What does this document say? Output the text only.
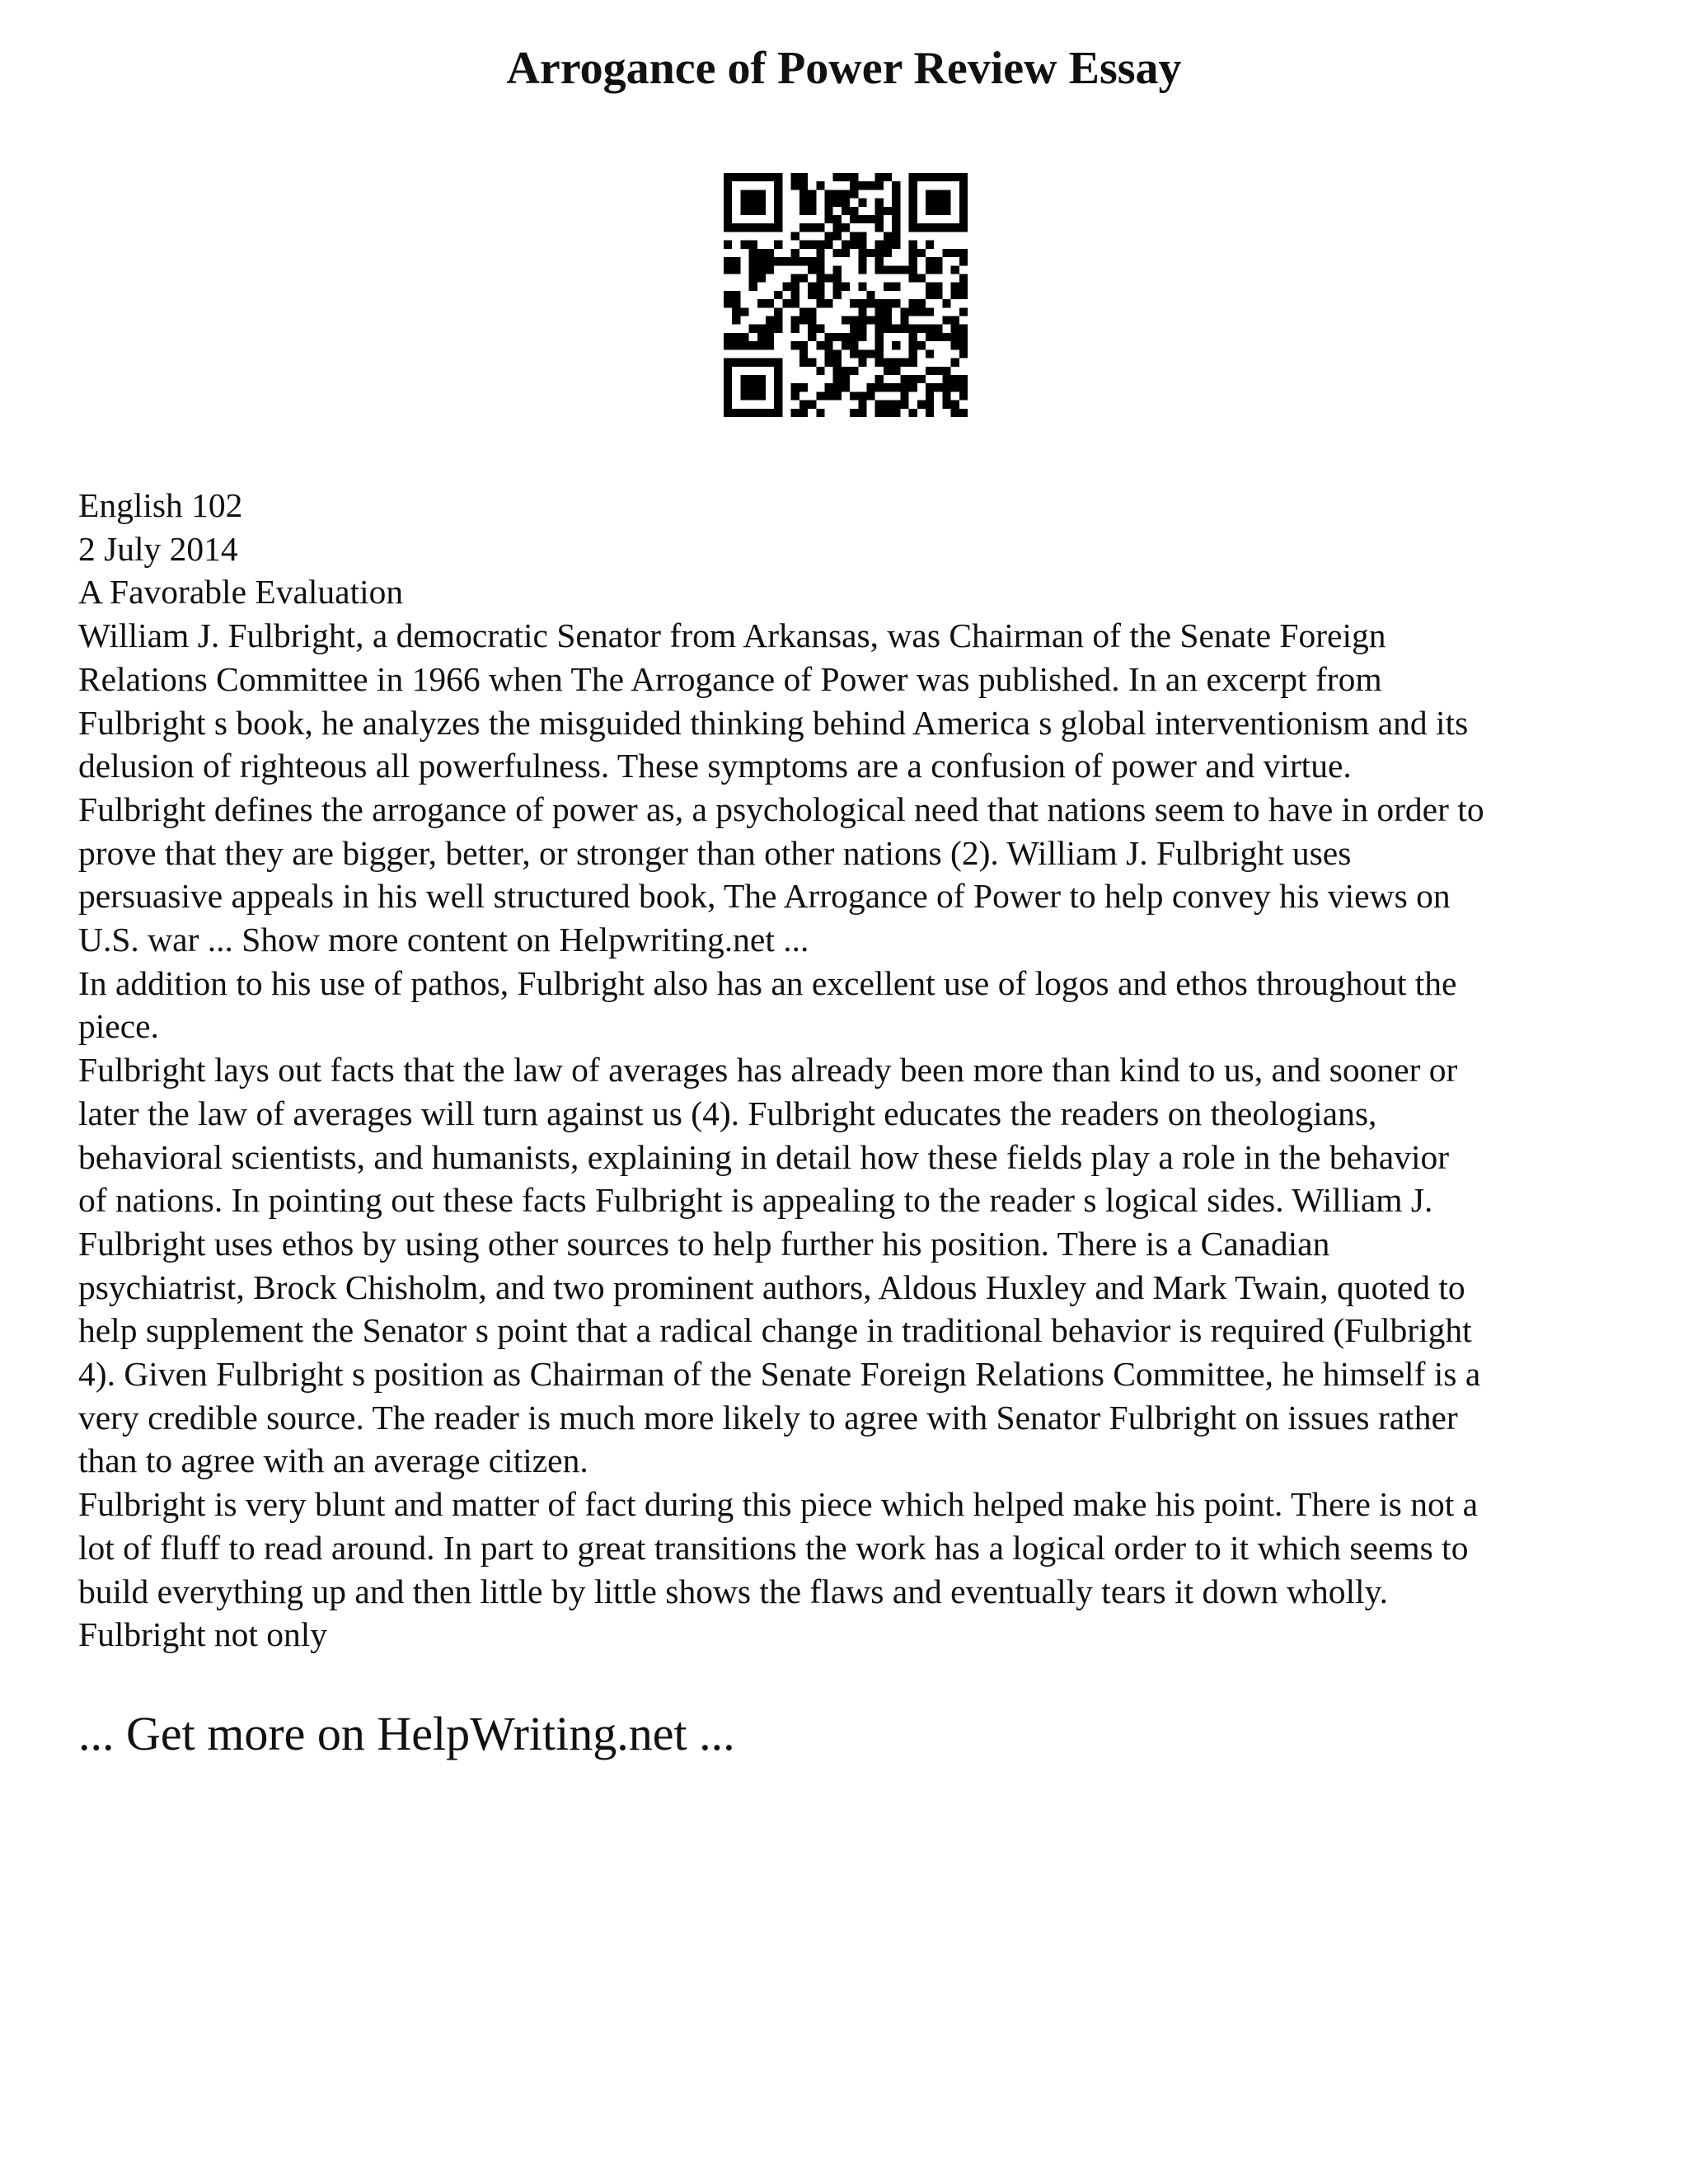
Arrogance of Power Review Essay

English 102

2 July 2014

A Favorable Evaluation

William J. Fulbright, a democratic Senator from Arkansas, was Chairman of the Senate Foreign
Relations Committee in 1966 when The Arrogance of Power was published. In an excerpt from
Fulbright s book, he analyzes the misguided thinking behind America s global interventionism and its
delusion of righteous all powerfulness. These symptoms are a confusion of power and virtue.
Fulbright defines the arrogance of power as, a psychological need that nations seem to have in order to
prove that they are bigger, better, or stronger than other nations (2). William J. Fulbright uses
persuasive appeals in his well structured book, The Arrogance of Power to help convey his views on
U.S. war ... Show more content on Helpwriting.net ...

In addition to his use of pathos, Fulbright also has an excellent use of logos and ethos throughout the
piece.

Fulbright lays out facts that the law of averages has already been more than kind to us, and sooner or
later the law of averages will turn against us (4). Fulbright educates the readers on theologians,
behavioral scientists, and humanists, explaining in detail how these fields play a role in the behavior
of nations. In pointing out these facts Fulbright is appealing to the reader s logical sides. William J.
Fulbright uses ethos by using other sources to help further his position. There is a Canadian
psychiatrist, Brock Chisholm, and two prominent authors, Aldous Huxley and Mark Twain, quoted to
help supplement the Senator s point that a radical change in traditional behavior is required (Fulbright
4). Given Fulbright s position as Chairman of the Senate Foreign Relations Committee, he himself is a
very credible source. The reader is much more likely to agree with Senator Fulbright on issues rather
than to agree with an average citizen.

Fulbright is very blunt and matter of fact during this piece which helped make his point. There is not a
lot of fluff to read around. In part to great transitions the work has a logical order to it which seems to
build everything up and then little by little shows the flaws and eventually tears it down wholly.
Fulbright not only

... Get more on HelpWriting.net ...
